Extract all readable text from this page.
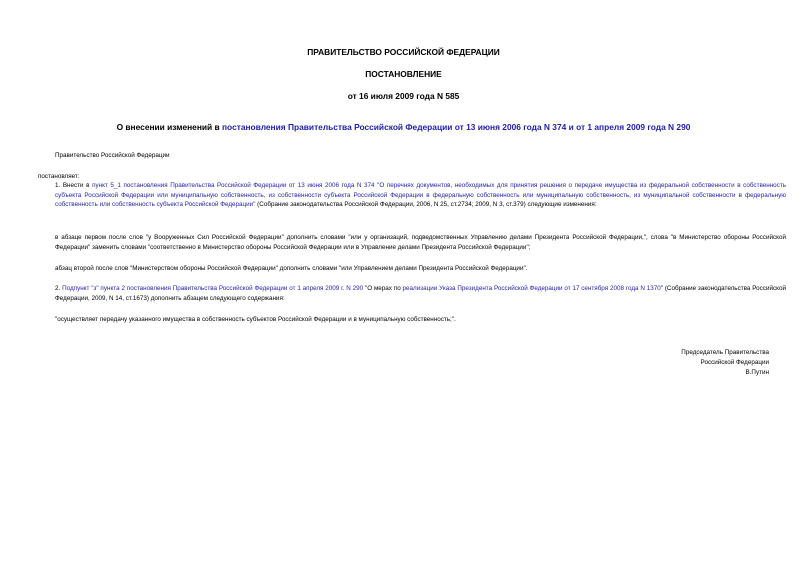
ПРАВИТЕЛЬСТВО РОССИЙСКОЙ ФЕДЕРАЦИИ
ПОСТАНОВЛЕНИЕ
от 16 июля 2009 года N 585
О внесении изменений в постановления Правительства Российской Федерации от 13 июня 2006 года N 374 и от 1 апреля 2009 года N 290
Правительство Российской Федерации
постановляет:
1. Внести в пункт 5_1 постановления Правительства Российской Федерации от 13 июня 2006 года N 374 "О перечнях документов, необходимых для принятия решения о передаче имущества из федеральной собственности в собственность субъекта Российской Федерации или муниципальную собственность, из собственности субъекта Российской Федерации в федеральную собственность или муниципальную собственность, из муниципальной собственности в федеральную собственность или собственность субъекта Российской Федерации" (Собрание законодательства Российской Федерации, 2006, N 25, ст.2734; 2009, N 3, ст.379) следующие изменения:
в абзаце первом после слов "у Вооруженных Сил Российской Федерации" дополнить словами "или у организаций, подведомственных Управлению делами Президента Российской Федерации,", слова "в Министерство обороны Российской Федерации" заменить словами "соответственно в Министерство обороны Российской Федерации или в Управление делами Президента Российской Федерации";
абзац второй после слов "Министерством обороны Российской Федерации" дополнить словами "или Управлением делами Президента Российской Федерации".
2. Подпункт "з" пункта 2 постановления Правительства Российской Федерации от 1 апреля 2009 г. N 290 "О мерах по реализации Указа Президента Российской Федерации от 17 сентября 2008 года N 1370" (Собрание законодательства Российской Федерации, 2009, N 14, ст.1673) дополнить абзацем следующего содержания:
"осуществляет передачу указанного имущества в собственность субъектов Российской Федерации и в муниципальную собственность;".
Председатель Правительства
Российской Федерации
В.Путин
